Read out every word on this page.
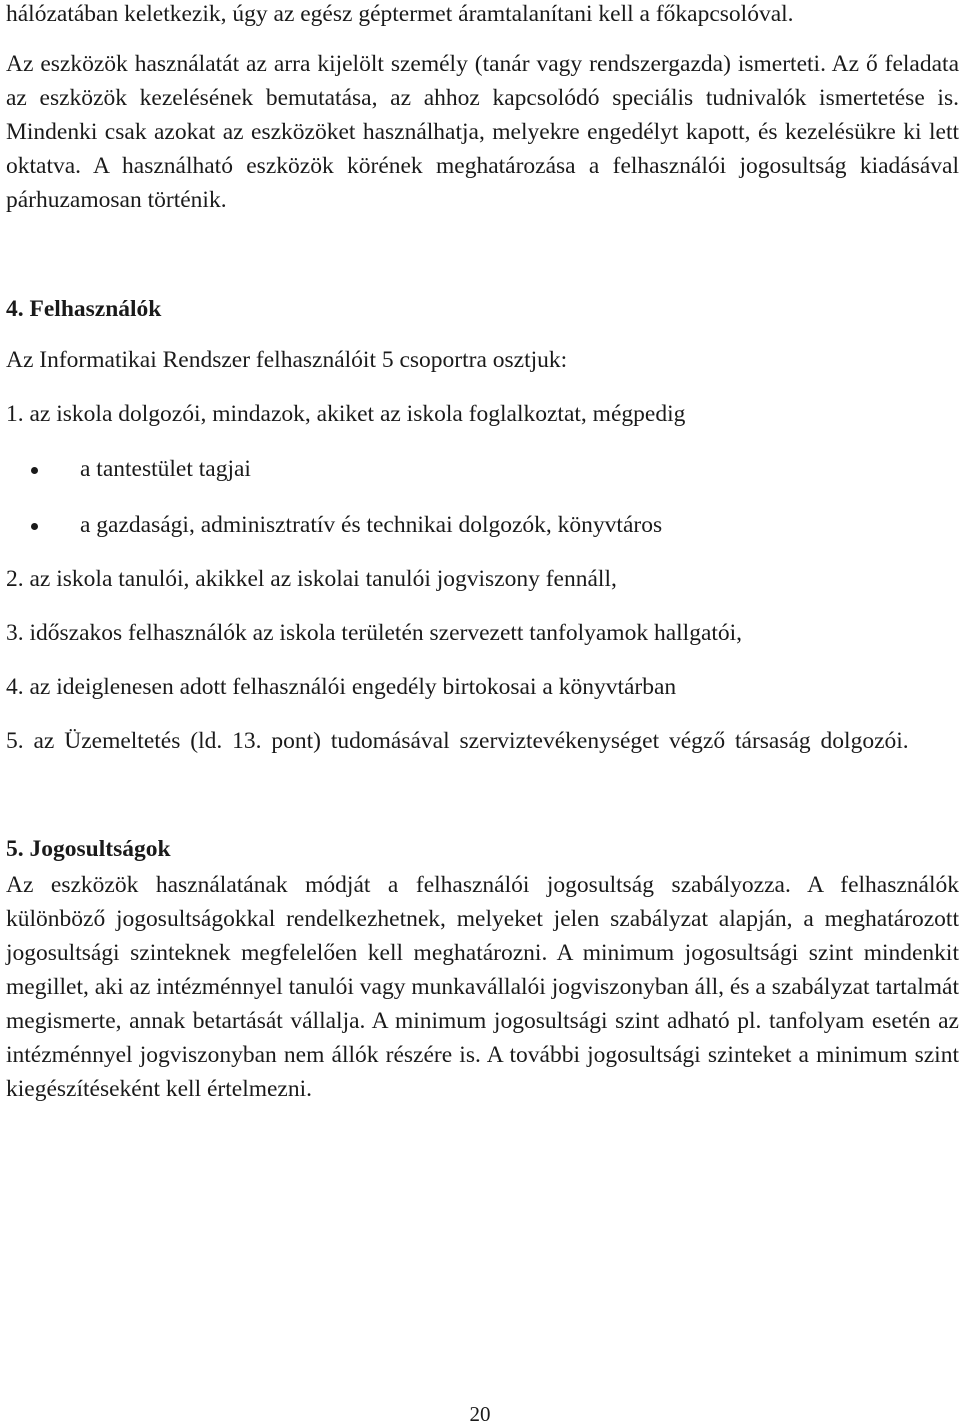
hálózatában keletkezik, úgy az egész géptermet áramtalanítani kell a főkapcsolóval.

Az eszközök használatát az arra kijelölt személy (tanár vagy rendszergazda) ismerteti. Az ő feladata az eszközök kezelésének bemutatása, az ahhoz kapcsolódó speciális tudnivalók ismertetése is. Mindenki csak azokat az eszközöket használhatja, melyekre engedélyt kapott, és kezelésükre ki lett oktatva. A használható eszközök körének meghatározása a felhasználói jogosultság kiadásával párhuzamosan történik.

4. Felhasználók

Az Informatikai Rendszer felhasználóit 5 csoportra osztjuk:

1. az iskola dolgozói, mindazok, akiket az iskola foglalkoztat, mégpedig

a tantestület tagjai
a gazdasági, adminisztratív és technikai dolgozók, könyvtáros

2. az iskola tanulói, akikkel az iskolai tanulói jogviszony fennáll,

3. időszakos felhasználók az iskola területén szervezett tanfolyamok hallgatói,

4. az ideiglenesen adott felhasználói engedély birtokosai a könyvtárban

5. az Üzemeltetés (ld. 13. pont) tudomásával szerviztevékenységet végző társaság dolgozói.

5. Jogosultságok

Az eszközök használatának módját a felhasználói jogosultság szabályozza. A felhasználók különböző jogosultságokkal rendelkezhetnek, melyeket jelen szabályzat alapján, a meghatározott jogosultsági szinteknek megfelelően kell meghatározni. A minimum jogosultsági szint mindenkit megillet, aki az intézménnyel tanulói vagy munkavállalói jogviszonyban áll, és a szabályzat tartalmát megismerte, annak betartását vállalja. A minimum jogosultsági szint adható pl. tanfolyam esetén az intézménnyel jogviszonyban nem állók részére is. A további jogosultsági szinteket a minimum szint kiegészítéseként kell értelmezni.

20
